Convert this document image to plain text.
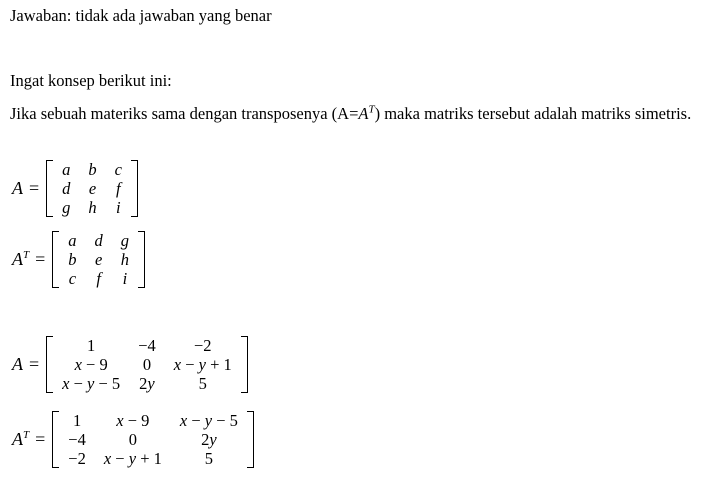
Jawaban: tidak ada jawaban yang benar

Ingat konsep berikut ini:

Jika sebuah materiks sama dengan transposenya $(A=A^T)$ maka matriks tersebut adalah matriks simetris.

A =
a	b	c
d	e	f
g	h	i
$A^T$ =
a	d	g
b	e	h
c	f	i
A =
1	−4	−2
x − 9	0	x − y + 1
x − y − 5	2y	5
$A^T$ =
1	x − 9	x − y − 5
−4	0	2y
−2	x − y + 1	5
